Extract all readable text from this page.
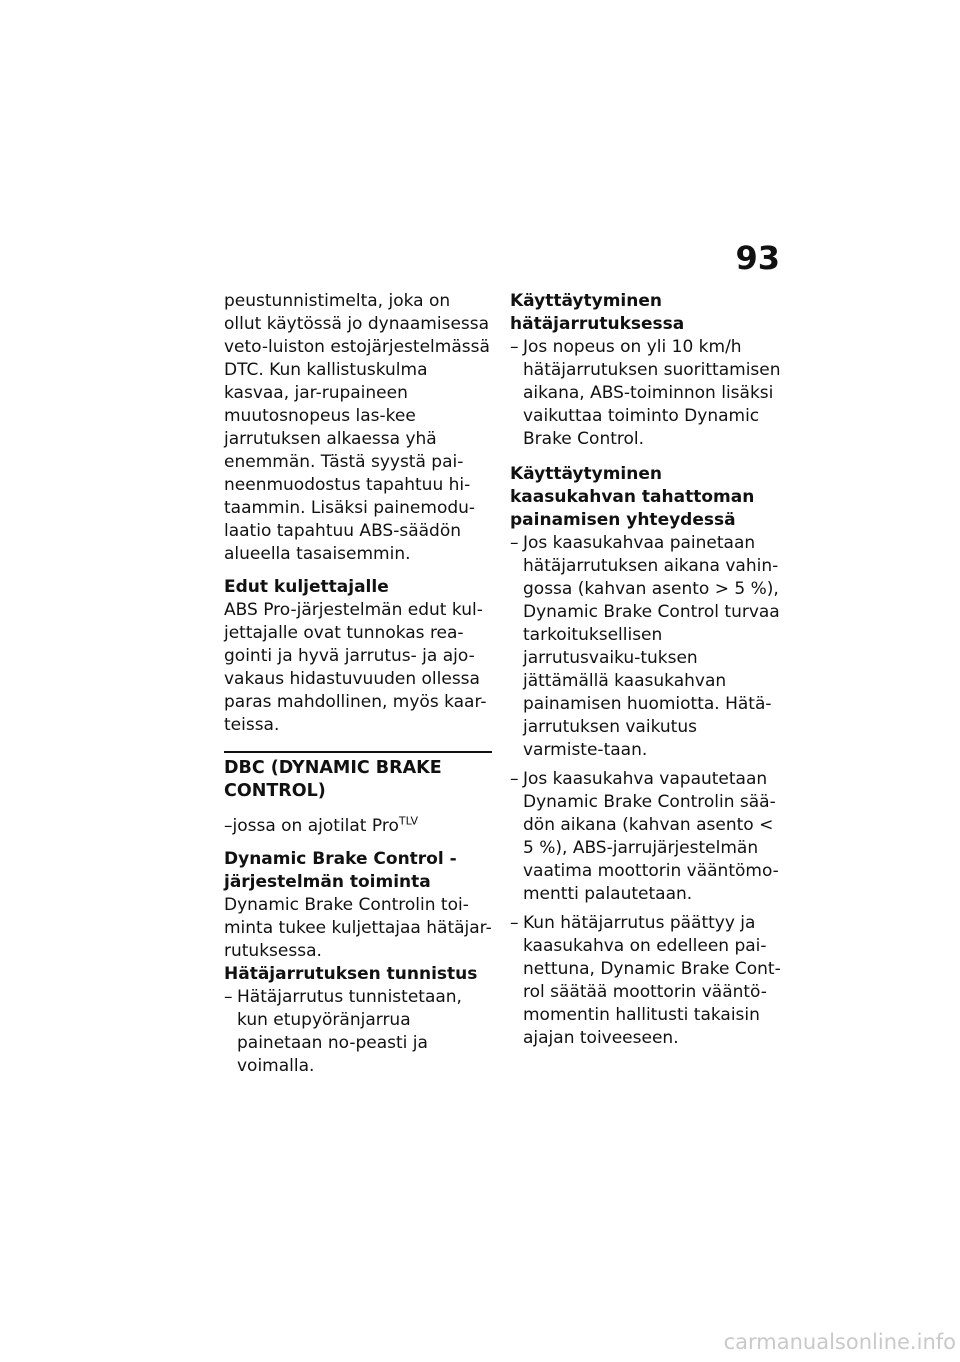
93

peustunnistimelta, joka on ollut käytössä jo dynaamisessa veto-luiston estojärjestelmässä DTC. Kun kallistuskulma kasvaa, jar-rupaineen muutosnopeus las-kee jarrutuksen alkaessa yhä enemmän. Tästä syystä pai-neenmuodostus tapahtuu hi-taammin. Lisäksi painemodu-laatio tapahtuu ABS-säädön alueella tasaisemmin.

Edut kuljettajalle

ABS Pro-järjestelmän edut kul-jettajalle ovat tunnokas rea-gointi ja hyvä jarrutus- ja ajo-vakaus hidastuvuuden ollessa paras mahdollinen, myös kaar-teissa.

DBC (DYNAMIC BRAKE CONTROL)

–jossa on ajotilat Pro$^{TLV}$

Dynamic Brake Control -järjestelmän toiminta

Dynamic Brake Controlin toi-minta tukee kuljettajaa hätäjar-rutuksessa.

Hätäjarrutuksen tunnistus

– Hätäjarrutus tunnistetaan, kun etupyöränjarrua painetaan no-peasti ja voimalla.

Käyttäytyminen hätäjarrutuksessa

– Jos nopeus on yli 10 km/h hätäjarrutuksen suorittamisen aikana, ABS-toiminnon lisäksi vaikuttaa toiminto Dynamic Brake Control.

Käyttäytyminen kaasukahvan tahattoman painamisen yhteydessä

– Jos kaasukahvaa painetaan hätäjarrutuksen aikana vahin-gossa (kahvan asento > 5 %), Dynamic Brake Control turvaa tarkoituksellisen jarrutusvaiku-tuksen jättämällä kaasukahvan painamisen huomiotta. Hätä-jarrutuksen vaikutus varmiste-taan.
– Jos kaasukahva vapautetaan Dynamic Brake Controlin sää-dön aikana (kahvan asento < 5 %), ABS-jarrujärjestelmän vaatima moottorin vääntömo-mentti palautetaan.
– Kun hätäjarrutus päättyy ja kaasukahva on edelleen pai-nettuna, Dynamic Brake Cont-rol säätää moottorin vääntö-momentin hallitusti takaisin ajajan toiveeseen.
carmanualsonline.info
